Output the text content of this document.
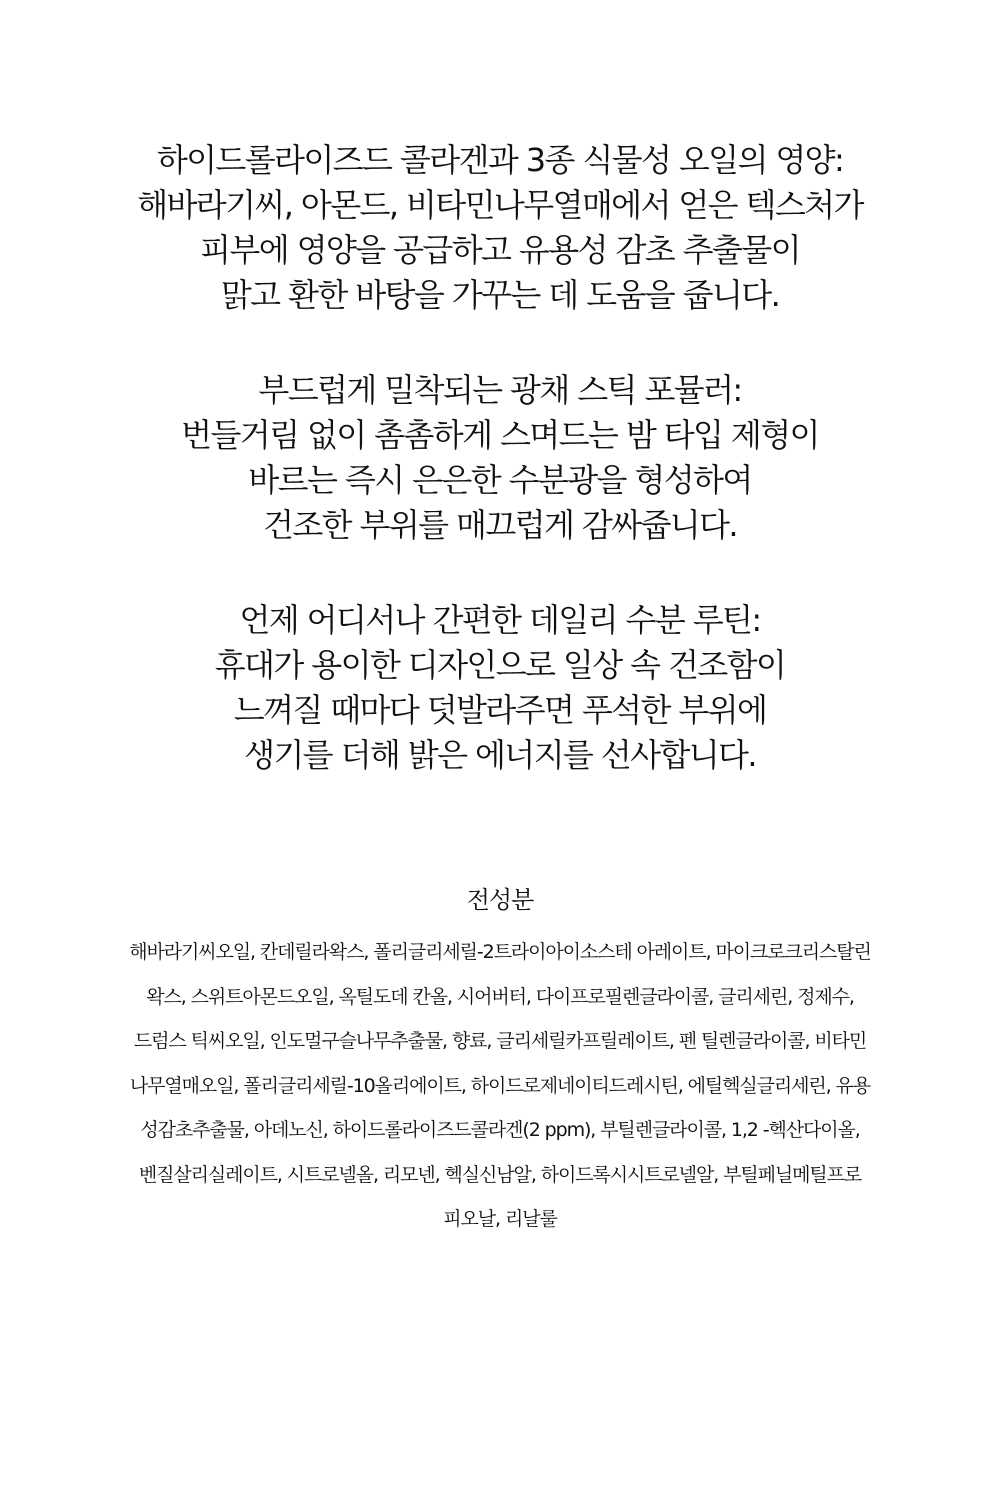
하이드롤라이즈드 콜라겐과 3종 식물성 오일의 영양:
해바라기씨, 아몬드, 비타민나무열매에서 얻은 텍스처가
피부에 영양을 공급하고 유용성 감초 추출물이
맑고 환한 바탕을 가꾸는 데 도움을 줍니다.
부드럽게 밀착되는 광채 스틱 포뮬러:
번들거림 없이 촘촘하게 스며드는 밤 타입 제형이
바르는 즉시 은은한 수분광을 형성하여
건조한 부위를 매끄럽게 감싸줍니다.
언제 어디서나 간편한 데일리 수분 루틴:
휴대가 용이한 디자인으로 일상 속 건조함이
느껴질 때마다 덧발라주면 푸석한 부위에
생기를 더해 밝은 에너지를 선사합니다.
전성분
해바라기씨오일, 칸데릴라왁스, 폴리글리세릴-2트라이아이소스테 아레이트, 마이크로크리스탈린
왁스, 스위트아몬드오일, 옥틸도데 칸올, 시어버터, 다이프로필렌글라이콜, 글리세린, 정제수,
드럼스 틱씨오일, 인도멀구슬나무추출물, 향료, 글리세릴카프릴레이트, 펜 틸렌글라이콜, 비타민
나무열매오일, 폴리글리세릴-10올리에이트, 하이드로제네이티드레시틴, 에틸헥실글리세린, 유용
성감초추출물, 아데노신, 하이드롤라이즈드콜라겐(2 ppm), 부틸렌글라이콜, 1,2 -헥산다이올,
벤질살리실레이트, 시트로넬올, 리모넨, 헥실신남알, 하이드록시시트로넬알, 부틸페닐메틸프로
피오날, 리날룰
